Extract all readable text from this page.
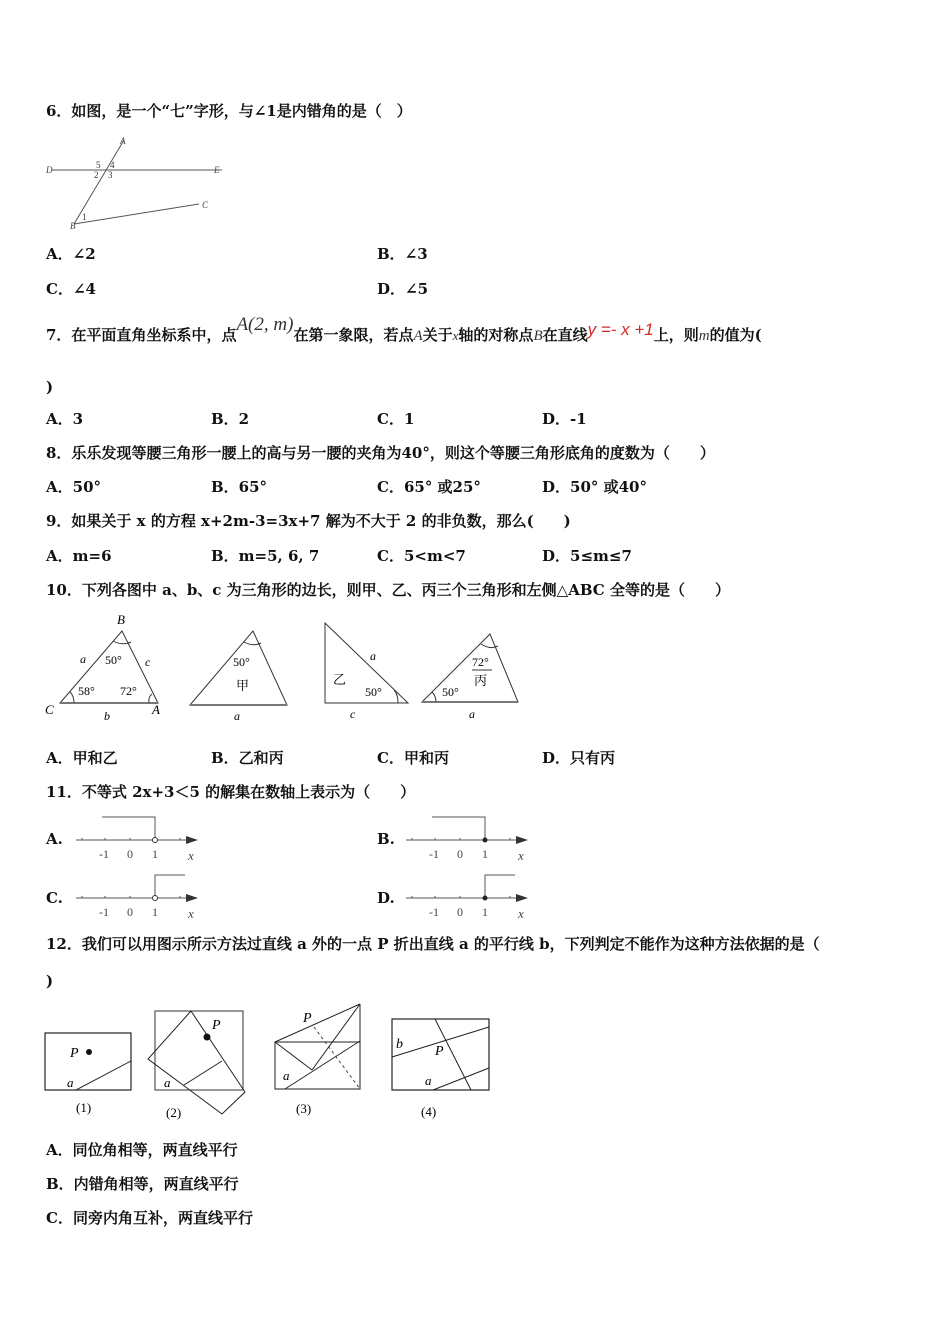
6．如图，是一个“七”字形，与∠1是内错角的是（　）
A
D	E
C
B
1
2 3
4
5
A．∠2	B．∠3
C．∠4	D．∠5
7．在平面直角坐标系中，点A(2, m)在第一象限，若点A关于x轴的对称点B在直线y =- x +1上，则m的值为(
)
A．3	B．2	C．1	D．-1
8．乐乐发现等腰三角形一腰上的高与另一腰的夹角为40°，则这个等腰三角形底角的度数为（　　）
A．50°	B．65°	C．65° 或25°	D．50° 或40°
9．如果关于 x 的方程 x+2m-3=3x+7 解为不大于 2 的非负数，那么(　　)
A．m=6	B．m=5, 6, 7	C．5<m<7	D．5≤m≤7
10．下列各图中 a、b、c 为三角形的边长，则甲、乙、丙三个三角形和左侧△ABC 全等的是（　　）
B
C	A
a	c
b
50°
58° 72°
50°
甲
a
a
乙
50°
c
72°
丙
50°
a
A．甲和乙	B．乙和丙	C．甲和丙	D．只有丙
11．不等式 2x+3＜5 的解集在数轴上表示为（　　）
A.
-1 0 1 x
B.
-1 0 1 x
C.
-1 0 1 x
D.
-1 0 1 x
12．我们可以用图示所示方法过直线 a 外的一点 P 折出直线 a 的平行线 b，下列判定不能作为这种方法依据的是（
)
P
a
(1)
P
a
(2)
P
a
(3)
b P
a
(4)
A．同位角相等，两直线平行
B．内错角相等，两直线平行
C．同旁内角互补，两直线平行
